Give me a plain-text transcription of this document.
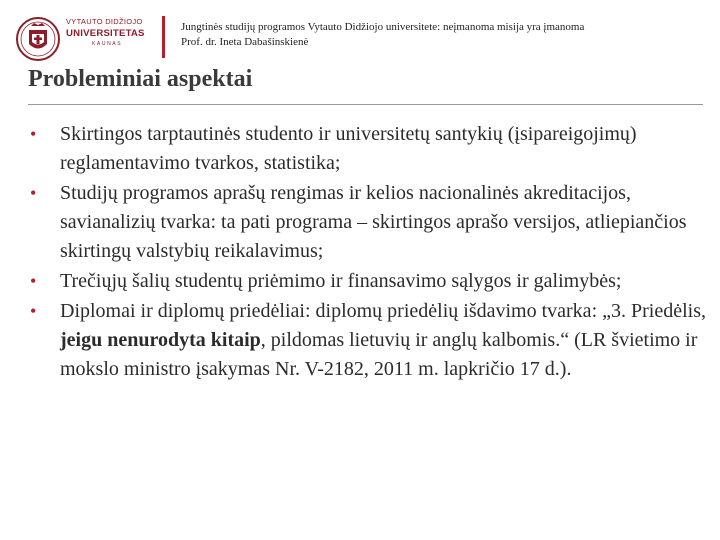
VYTAUTO DIDŽIOJO
UNIVERSITETAS
KAUNAS
Jungtinės studijų programos Vytauto Didžiojo universitete: neįmanoma misija yra įmanoma
Prof. dr. Ineta Dabašinskienė
Probleminiai aspektai
• Skirtingos tarptautinės studento ir universitetų santykių (įsipareigojimų) reglamentavimo tvarkos, statistika;
• Studijų programos aprašų rengimas ir kelios nacionalinės akreditacijos, savianalizių tvarka: ta pati programa – skirtingos aprašo versijos, atliepiančios skirtingų valstybių reikalavimus;
• Trečiųjų šalių studentų priėmimo ir finansavimo sąlygos ir galimybės;
• Diplomai ir diplomų priedėliai: diplomų priedėlių išdavimo tvarka: „3. Priedėlis, jeigu nenurodyta kitaip, pildomas lietuvių ir anglų kalbomis.“ (LR švietimo ir mokslo ministro įsakymas Nr. V-2182, 2011 m. lapkričio 17 d.).
